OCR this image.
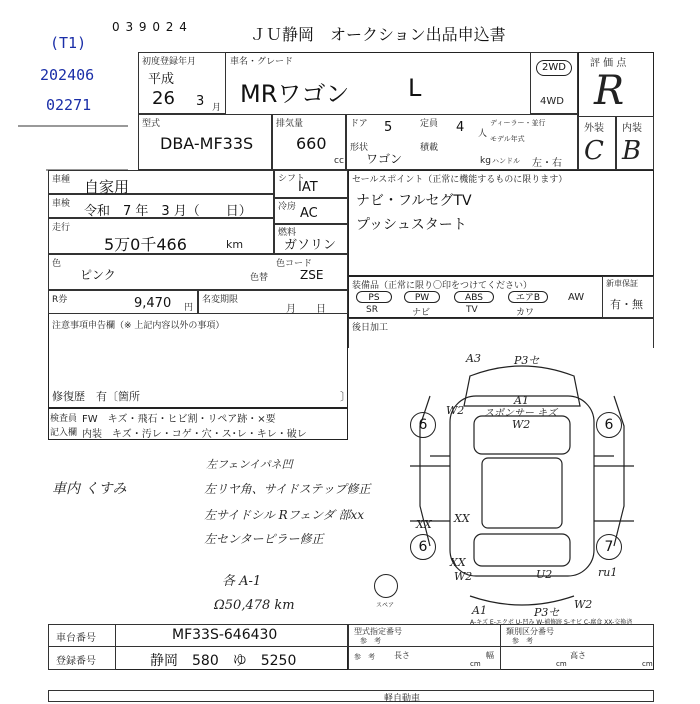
(T1)
202406
02271
0 3 9 0 2 4	ＪＵ静岡　オークション出品申込書
初度登録年月
平成
26 3 月
車名・グレード
MRワゴン L
2WD
4WD
型式
DBA-MF33S
排気量
660
cc
ドア 5	定員 4 人
ディーラー・並行
モデル年式
形状
ワゴン
積載
kg ハンドル 左・右
評 価 点
R
外装 内装
C B
車種 自家用
車検 令和　7 年　3 月（　　日）
走行
5万0千466	km
シフト
IAT
冷房 AC
燃料
ガソリン
色
ピンク
色コード
色替	ZSE
R券	9,470 円
名変期限
月　　日
注意事項申告欄（※ 上記内容以外の事項）
修復歴　有〔箇所	〕
セールスポイント（正常に機能するものに限ります）
ナビ・フルセグTV
プッシュスタート
装備品（正常に限り〇印をつけてください）	新車保証
有・無
PS	PW	ABS	エアB	AW
SR	ナビ	TV	カワ
後日加工
検査員
記入欄
FW　キズ・飛石・ヒビ割・リペア跡・×要
内装　キズ・汚レ・コゲ・穴・ス･レ・キレ・破レ
車内 くすみ
左フェンイパネ凹
左リヤ角、サイドステップ修正
左サイドシル Rフェンダ 部xx
左センターピラー修正
各 A-1
Ω50,478 km
6	6
6	7
A3	P3セ
W2
A1
スポンサー キズ
W2
XX XX
XX
W2	U2	ru1
A1	P3セ
W2
スペア
A-キズ E-エクボ U-凹み W-補修跡 S-サビ C-腐食 XX-交換済
車台番号	MF33S-646430
登録番号	静岡　580　ゆ　5250
型式指定番号
参　考
類別区分番号
参　考
参　考 長さ
cm
幅
cm
高さ
cm
軽自動車
